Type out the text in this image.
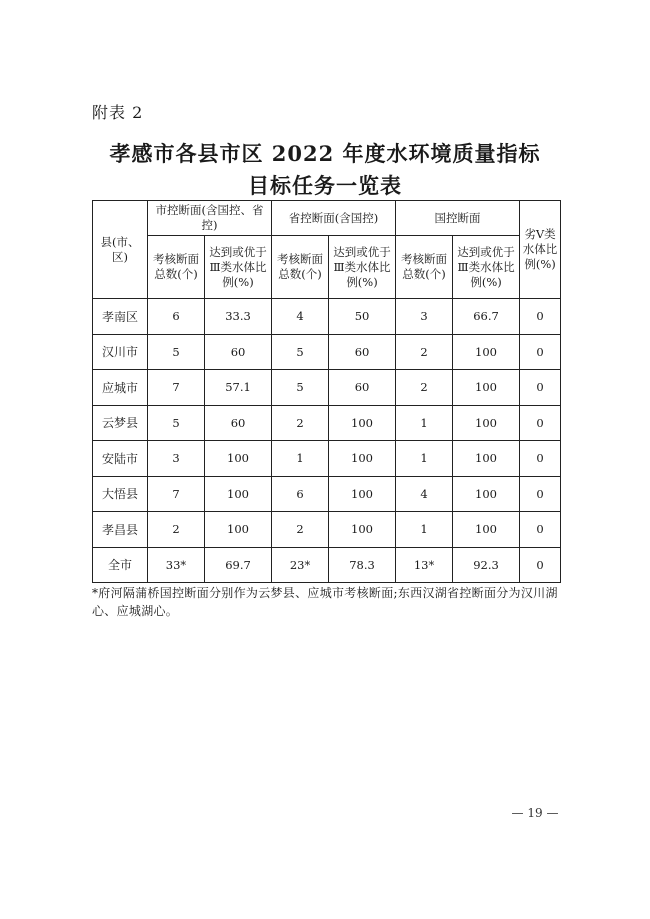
附表 2
孝感市各县市区 2022 年度水环境质量指标
目标任务一览表
县(市、区)	市控断面(含国控、省控)		省控断面(含国控)		国控断面		劣Ⅴ类水体比例(%)
	考核断面总数(个)	达到或优于Ⅲ类水体比例(%)	考核断面总数(个)	达到或优于Ⅲ类水体比例(%)	考核断面总数(个)	达到或优于Ⅲ类水体比例(%)	
孝南区	6	33.3	4	50	3	66.7	0
汉川市	5	60	5	60	2	100	0
应城市	7	57.1	5	60	2	100	0
云梦县	5	60	2	100	1	100	0
安陆市	3	100	1	100	1	100	0
大悟县	7	100	6	100	4	100	0
孝昌县	2	100	2	100	1	100	0
全市	33*	69.7	23*	78.3	13*	92.3	0
*府河隔蒲桥国控断面分别作为云梦县、应城市考核断面;东西汉湖省控断面分为汉川湖心、应城湖心。
— 19 —
